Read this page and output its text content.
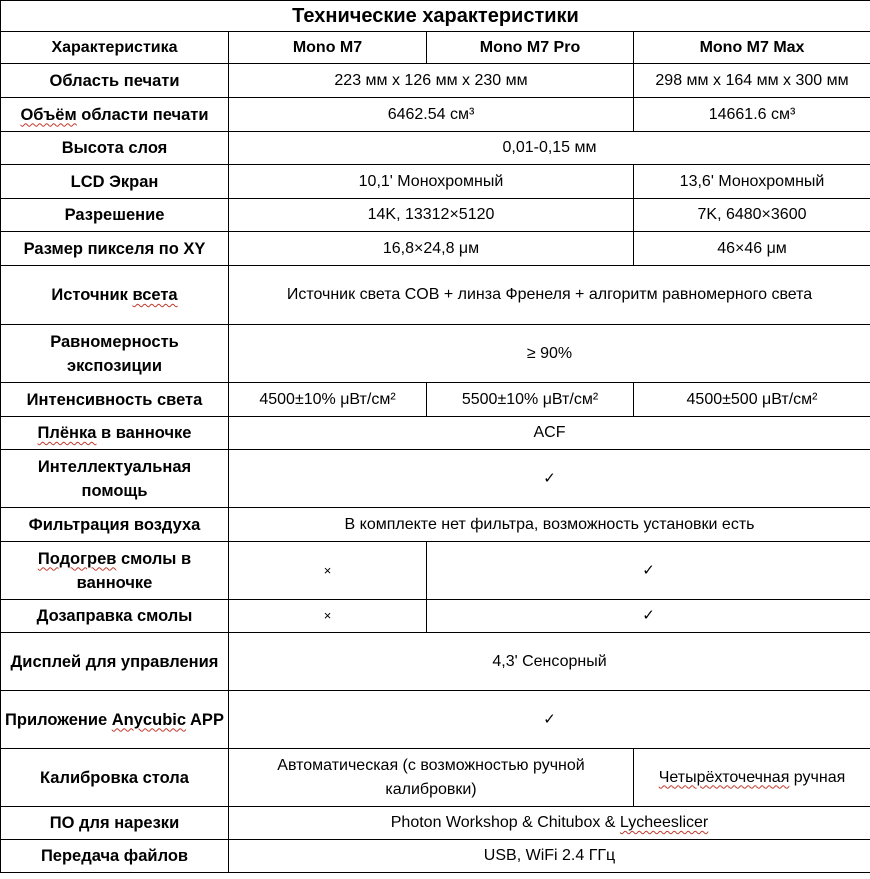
Технические характеристики			
Характеристика	Mono M7	Mono M7 Pro	Mono M7 Max
Область печати	223 мм x 126 мм x 230 мм		298 мм x 164 мм x 300 мм
Объём области печати	6462.54 см³		14661.6 см³
Высота слоя	0,01-0,15 мм		
LCD Экран	10,1' Монохромный		13,6' Монохромный
Разрешение	14K, 13312×5120		7K, 6480×3600
Размер пикселя по XY	16,8×24,8 μм		46×46 μм
Источник всета	Источник света COB + линза Френеля + алгоритм равномерного света		
Равномерность экспозиции	≥ 90%		
Интенсивность света	4500±10% μВт/см²	5500±10% μВт/см²	4500±500 μВт/см²
Плёнка в ванночке	ACF		
Интеллектуальная помощь	✓		
Фильтрация воздуха	В комплекте нет фильтра, возможность установки есть		
Подогрев смолы в ванночке	×	✓	
Дозаправка смолы	×	✓	
Дисплей для управления	4,3' Сенсорный		
Приложение Anycubic APP	✓		
Калибровка стола	Автоматическая (с возможностью ручной калибровки)		Четырёхточечная ручная
ПО для нарезки	Photon Workshop & Chitubox & Lycheeslicer		
Передача файлов	USB, WiFi 2.4 ГГц		
